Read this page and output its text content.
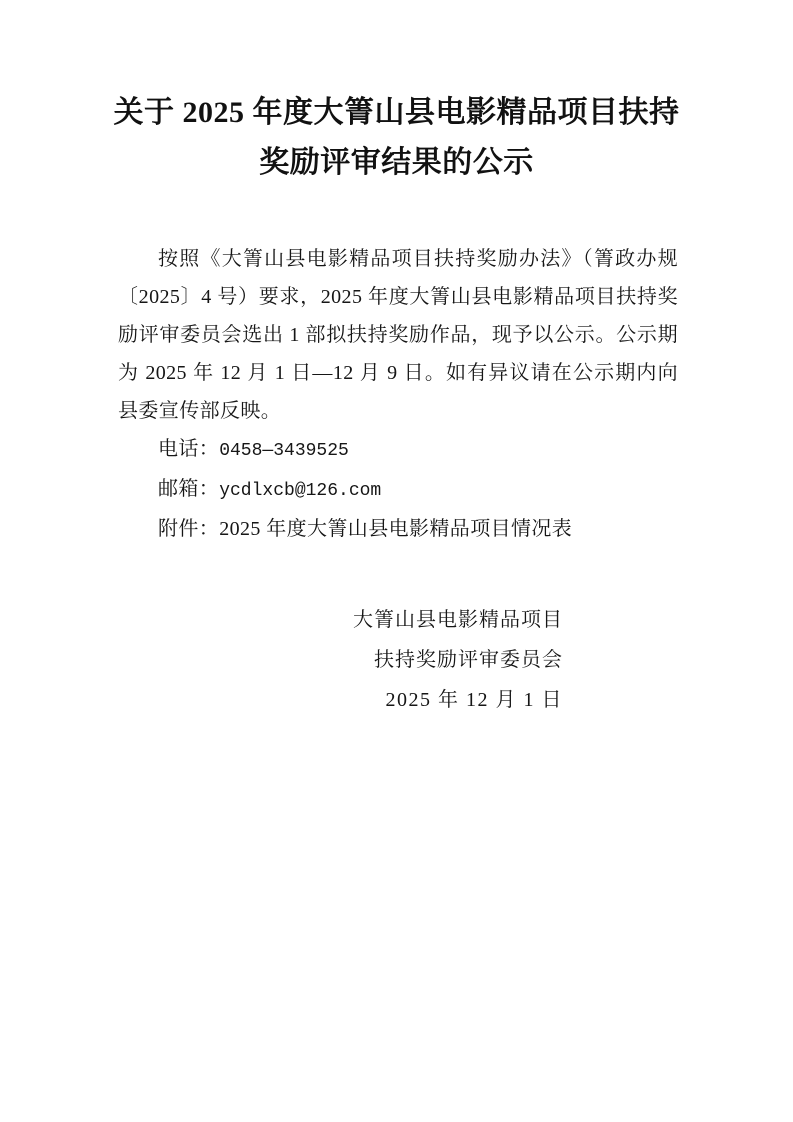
关于 2025 年度大箐山县电影精品项目扶持
奖励评审结果的公示

按照《大箐山县电影精品项目扶持奖励办法》（箐政办规〔2025〕4 号）要求，2025 年度大箐山县电影精品项目扶持奖励评审委员会选出 1 部拟扶持奖励作品，现予以公示。公示期为 2025 年 12 月 1 日—12 月 9 日。如有异议请在公示期内向县委宣传部反映。

电话：0458—3439525

邮箱：ycdlxcb@126.com

附件：2025 年度大箐山县电影精品项目情况表

大箐山县电影精品项目

扶持奖励评审委员会

2025 年 12 月 1 日
